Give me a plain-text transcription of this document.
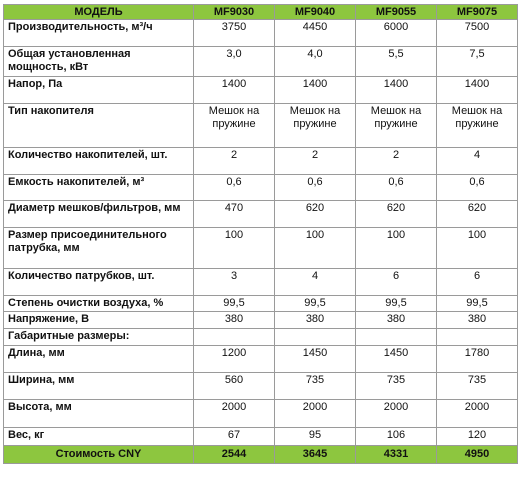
МОДЕЛЬ	MF9030	MF9040	MF9055	MF9075
Производительность, м³/ч	3750	4450	6000	7500
Общая установленная мощность, кВт	3,0	4,0	5,5	7,5
Напор, Па	1400	1400	1400	1400
Тип накопителя	Мешок на пружине	Мешок на пружине	Мешок на пружине	Мешок на пружине
Количество накопителей, шт.	2	2	2	4
Емкость накопителей, м³	0,6	0,6	0,6	0,6
Диаметр мешков/фильтров, мм	470	620	620	620
Размер присоединительного патрубка, мм	100	100	100	100
Количество патрубков, шт.	3	4	6	6
Степень очистки воздуха, %	99,5	99,5	99,5	99,5
Напряжение, В	380	380	380	380
Габаритные размеры:				
Длина, мм	1200	1450	1450	1780
Ширина, мм	560	735	735	735
Высота, мм	2000	2000	2000	2000
Вес, кг	67	95	106	120
Стоимость CNY	2544	3645	4331	4950
